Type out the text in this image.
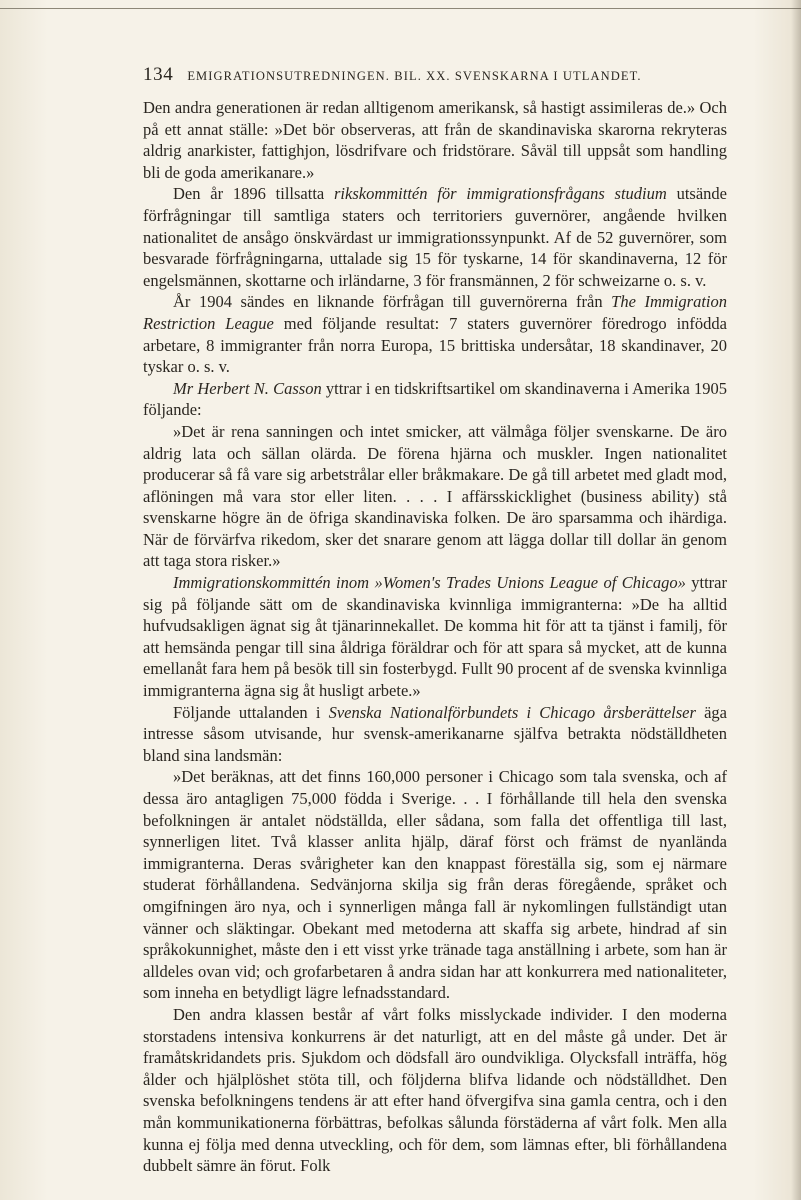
134 EMIGRATIONSUTREDNINGEN. BIL. XX. SVENSKARNA I UTLANDET.

Den andra generationen är redan alltigenom amerikansk, så hastigt assimileras de.» Och på ett annat ställe: »Det bör observeras, att från de skandinaviska skarorna rekryteras aldrig anarkister, fattighjon, lösdrifvare och fridstörare. Såväl till uppsåt som handling bli de goda amerikanare.»

Den år 1896 tillsatta rikskommittén för immigrationsfrågans studium utsände förfrågningar till samtliga staters och territoriers guvernörer, angående hvilken nationalitet de ansågo önskvärdast ur immigrationssynpunkt. Af de 52 guvernörer, som besvarade förfrågningarna, uttalade sig 15 för tyskarne, 14 för skandinaverna, 12 för engelsmännen, skottarne och irländarne, 3 för fransmännen, 2 för schweizarne o. s. v.

År 1904 sändes en liknande förfrågan till guvernörerna från The Immigration Restriction League med följande resultat: 7 staters guvernörer föredrogo infödda arbetare, 8 immigranter från norra Europa, 15 brittiska undersåtar, 18 skandinaver, 20 tyskar o. s. v.

Mr Herbert N. Casson yttrar i en tidskriftsartikel om skandinaverna i Amerika 1905 följande:

»Det är rena sanningen och intet smicker, att välmåga följer svenskarne. De äro aldrig lata och sällan olärda. De förena hjärna och muskler. Ingen nationalitet producerar så få vare sig arbetstrålar eller bråkmakare. De gå till arbetet med gladt mod, aflöningen må vara stor eller liten. . . . I affärsskicklighet (business ability) stå svenskarne högre än de öfriga skandinaviska folken. De äro sparsamma och ihärdiga. När de förvärfva rikedom, sker det snarare genom att lägga dollar till dollar än genom att taga stora risker.»

Immigrationskommittén inom »Women's Trades Unions League of Chicago» yttrar sig på följande sätt om de skandinaviska kvinnliga immigranterna: »De ha alltid hufvudsakligen ägnat sig åt tjänarinnekallet. De komma hit för att ta tjänst i familj, för att hemsända pengar till sina åldriga föräldrar och för att spara så mycket, att de kunna emellanåt fara hem på besök till sin fosterbygd. Fullt 90 procent af de svenska kvinnliga immigranterna ägna sig åt husligt arbete.»

Följande uttalanden i Svenska Nationalförbundets i Chicago årsberättelser äga intresse såsom utvisande, hur svensk-amerikanarne själfva betrakta nödställdheten bland sina landsmän:

»Det beräknas, att det finns 160,000 personer i Chicago som tala svenska, och af dessa äro antagligen 75,000 födda i Sverige. . . I förhållande till hela den svenska befolkningen är antalet nödställda, eller sådana, som falla det offentliga till last, synnerligen litet. Två klasser anlita hjälp, däraf först och främst de nyanlända immigranterna. Deras svårigheter kan den knappast föreställa sig, som ej närmare studerat förhållandena. Sedvänjorna skilja sig från deras föregående, språket och omgifningen äro nya, och i synnerligen många fall är nykomlingen fullständigt utan vänner och släktingar. Obekant med metoderna att skaffa sig arbete, hindrad af sin språkokunnighet, måste den i ett visst yrke tränade taga anställning i arbete, som han är alldeles ovan vid; och grofarbetaren å andra sidan har att konkurrera med nationaliteter, som inneha en betydligt lägre lefnadsstandard.

Den andra klassen består af vårt folks misslyckade individer. I den moderna storstadens intensiva konkurrens är det naturligt, att en del måste gå under. Det är framåtskridandets pris. Sjukdom och dödsfall äro oundvikliga. Olycksfall inträffa, hög ålder och hjälplöshet stöta till, och följderna blifva lidande och nödställdhet. Den svenska befolkningens tendens är att efter hand öfvergifva sina gamla centra, och i den mån kommunikationerna förbättras, befolkas sålunda förstäderna af vårt folk. Men alla kunna ej följa med denna utveckling, och för dem, som lämnas efter, bli förhållandena dubbelt sämre än förut. Folk
